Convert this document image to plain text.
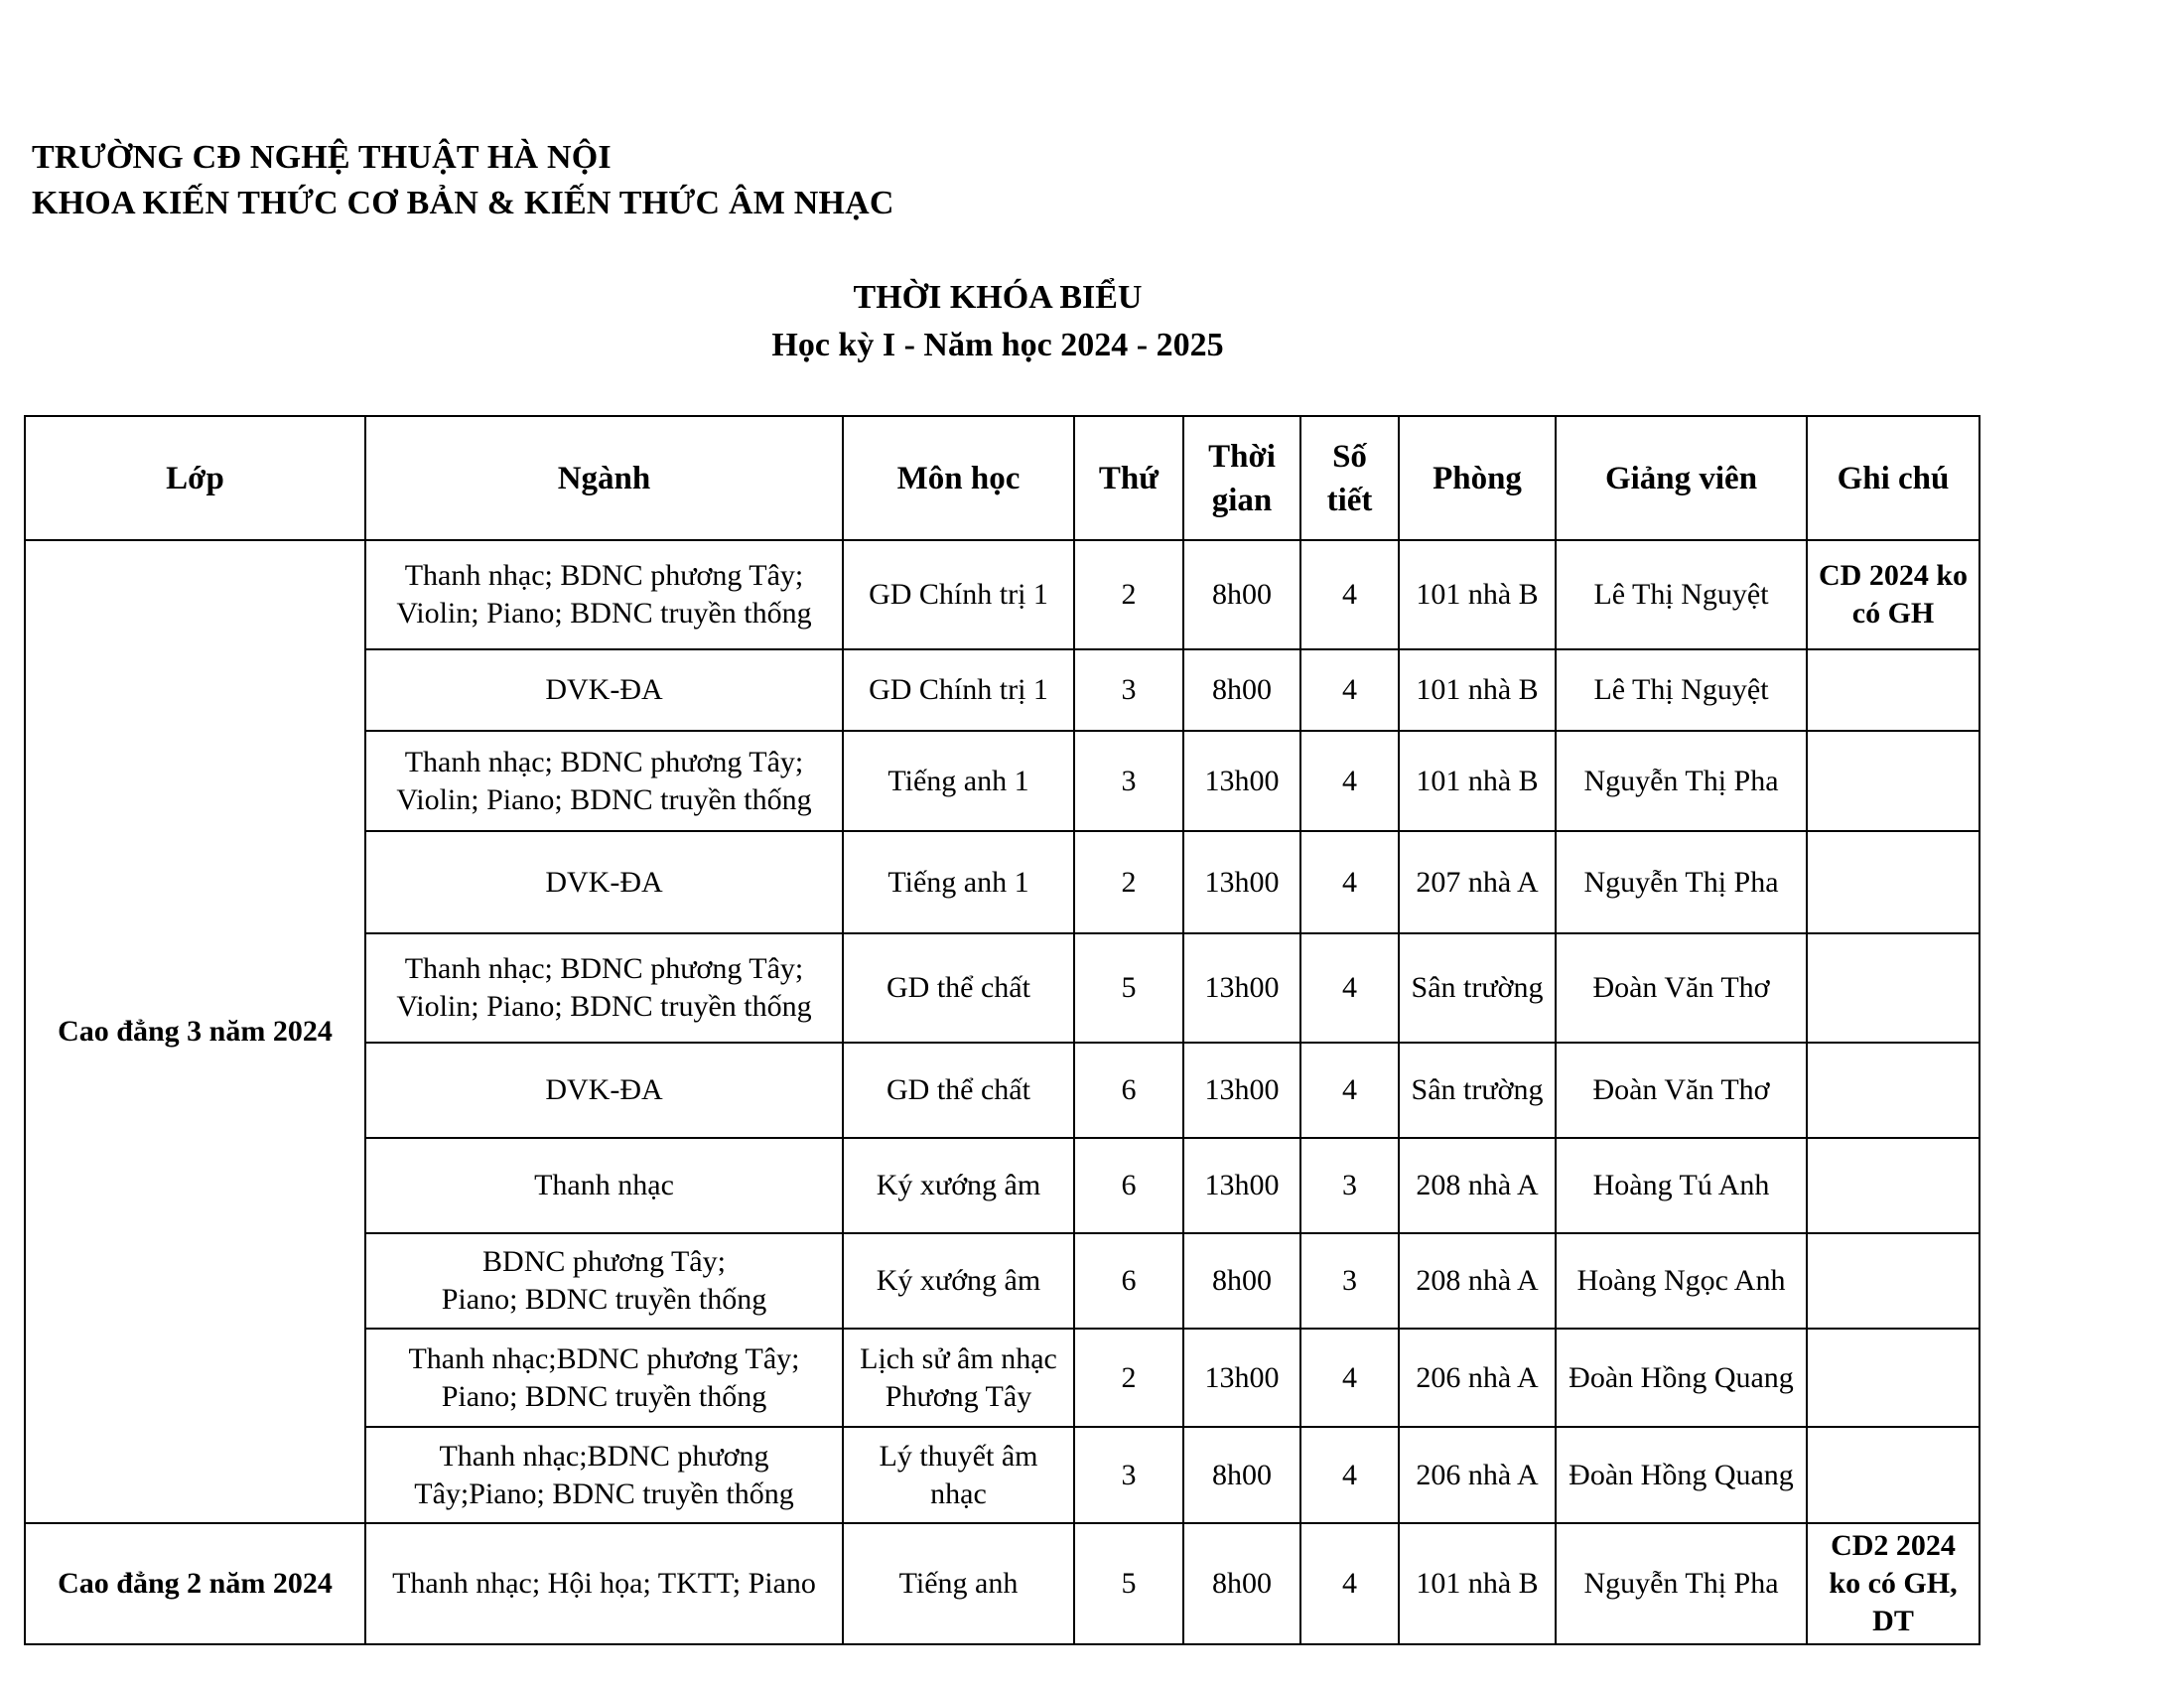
TRƯỜNG CĐ NGHỆ THUẬT HÀ NỘI
KHOA KIẾN THỨC CƠ BẢN & KIẾN THỨC ÂM NHẠC
THỜI KHÓA BIỂU
Học kỳ I - Năm học 2024 - 2025
Lớp	Ngành	Môn học	Thứ	Thời
gian	Số
tiết	Phòng	Giảng viên	Ghi chú
Cao đẳng 3 năm 2024	Thanh nhạc; BDNC phương Tây;
Violin; Piano; BDNC truyền thống	GD Chính trị 1	2	8h00	4	101 nhà B	Lê Thị Nguyệt	CD 2024 ko
có GH
	DVK-ĐA	GD Chính trị 1	3	8h00	4	101 nhà B	Lê Thị Nguyệt	
	Thanh nhạc; BDNC phương Tây;
Violin; Piano; BDNC truyền thống	Tiếng anh 1	3	13h00	4	101 nhà B	Nguyễn Thị Pha	
	DVK-ĐA	Tiếng anh 1	2	13h00	4	207 nhà A	Nguyễn Thị Pha	
	Thanh nhạc; BDNC phương Tây;
Violin; Piano; BDNC truyền thống	GD thể chất	5	13h00	4	Sân trường	Đoàn Văn Thơ	
	DVK-ĐA	GD thể chất	6	13h00	4	Sân trường	Đoàn Văn Thơ	
	Thanh nhạc	Ký xướng âm	6	13h00	3	208 nhà A	Hoàng Tú Anh	
	BDNC phương Tây;
Piano; BDNC truyền thống	Ký xướng âm	6	8h00	3	208 nhà A	Hoàng Ngọc Anh	
	Thanh nhạc;BDNC phương Tây;
Piano; BDNC truyền thống	Lịch sử âm nhạc
Phương Tây	2	13h00	4	206 nhà A	Đoàn Hồng Quang	
	Thanh nhạc;BDNC phương
Tây;Piano; BDNC truyền thống	Lý thuyết âm
nhạc	3	8h00	4	206 nhà A	Đoàn Hồng Quang	
Cao đẳng 2 năm 2024	Thanh nhạc; Hội họa; TKTT; Piano	Tiếng anh	5	8h00	4	101 nhà B	Nguyễn Thị Pha	CD2 2024
ko có GH,
DT
